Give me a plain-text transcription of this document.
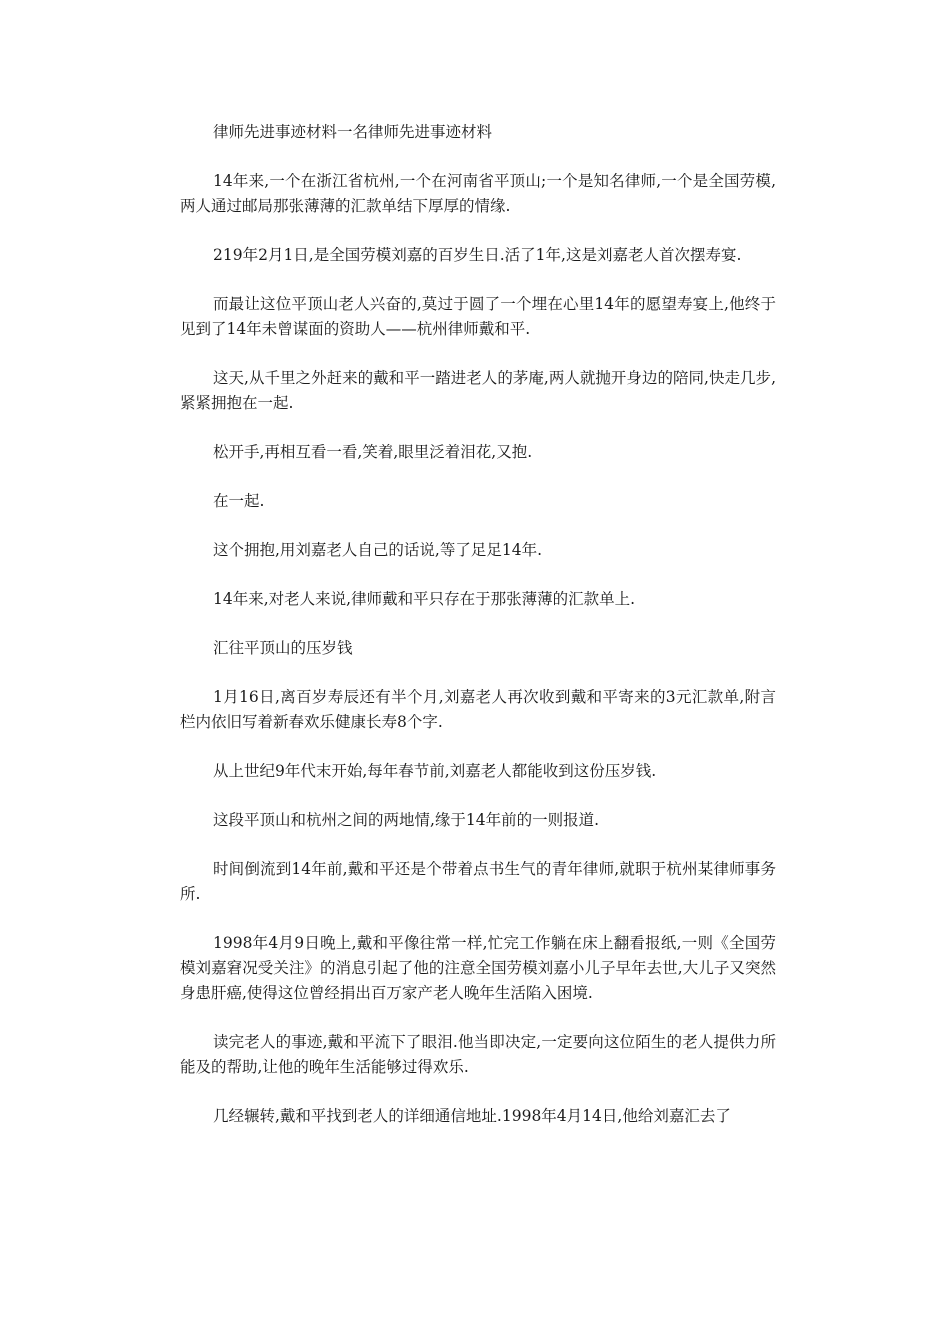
律师先进事迹材料一名律师先进事迹材料

14年来,一个在浙江省杭州,一个在河南省平顶山;一个是知名律师,一个是全国劳模,两人通过邮局那张薄薄的汇款单结下厚厚的情缘.

219年2月1日,是全国劳模刘嘉的百岁生日.活了1年,这是刘嘉老人首次摆寿宴.

而最让这位平顶山老人兴奋的,莫过于圆了一个埋在心里14年的愿望寿宴上,他终于见到了14年未曾谋面的资助人——杭州律师戴和平.

这天,从千里之外赶来的戴和平一踏进老人的茅庵,两人就抛开身边的陪同,快走几步,紧紧拥抱在一起.

松开手,再相互看一看,笑着,眼里泛着泪花,又抱.

在一起.

这个拥抱,用刘嘉老人自己的话说,等了足足14年.

14年来,对老人来说,律师戴和平只存在于那张薄薄的汇款单上.

汇往平顶山的压岁钱

1月16日,离百岁寿辰还有半个月,刘嘉老人再次收到戴和平寄来的3元汇款单,附言栏内依旧写着新春欢乐健康长寿8个字.

从上世纪9年代末开始,每年春节前,刘嘉老人都能收到这份压岁钱.

这段平顶山和杭州之间的两地情,缘于14年前的一则报道.

时间倒流到14年前,戴和平还是个带着点书生气的青年律师,就职于杭州某律师事务所.

1998年4月9日晚上,戴和平像往常一样,忙完工作躺在床上翻看报纸,一则《全国劳模刘嘉窘况受关注》的消息引起了他的注意全国劳模刘嘉小儿子早年去世,大儿子又突然身患肝癌,使得这位曾经捐出百万家产老人晚年生活陷入困境.

读完老人的事迹,戴和平流下了眼泪.他当即决定,一定要向这位陌生的老人提供力所能及的帮助,让他的晚年生活能够过得欢乐.

几经辗转,戴和平找到老人的详细通信地址.1998年4月14日,他给刘嘉汇去了
